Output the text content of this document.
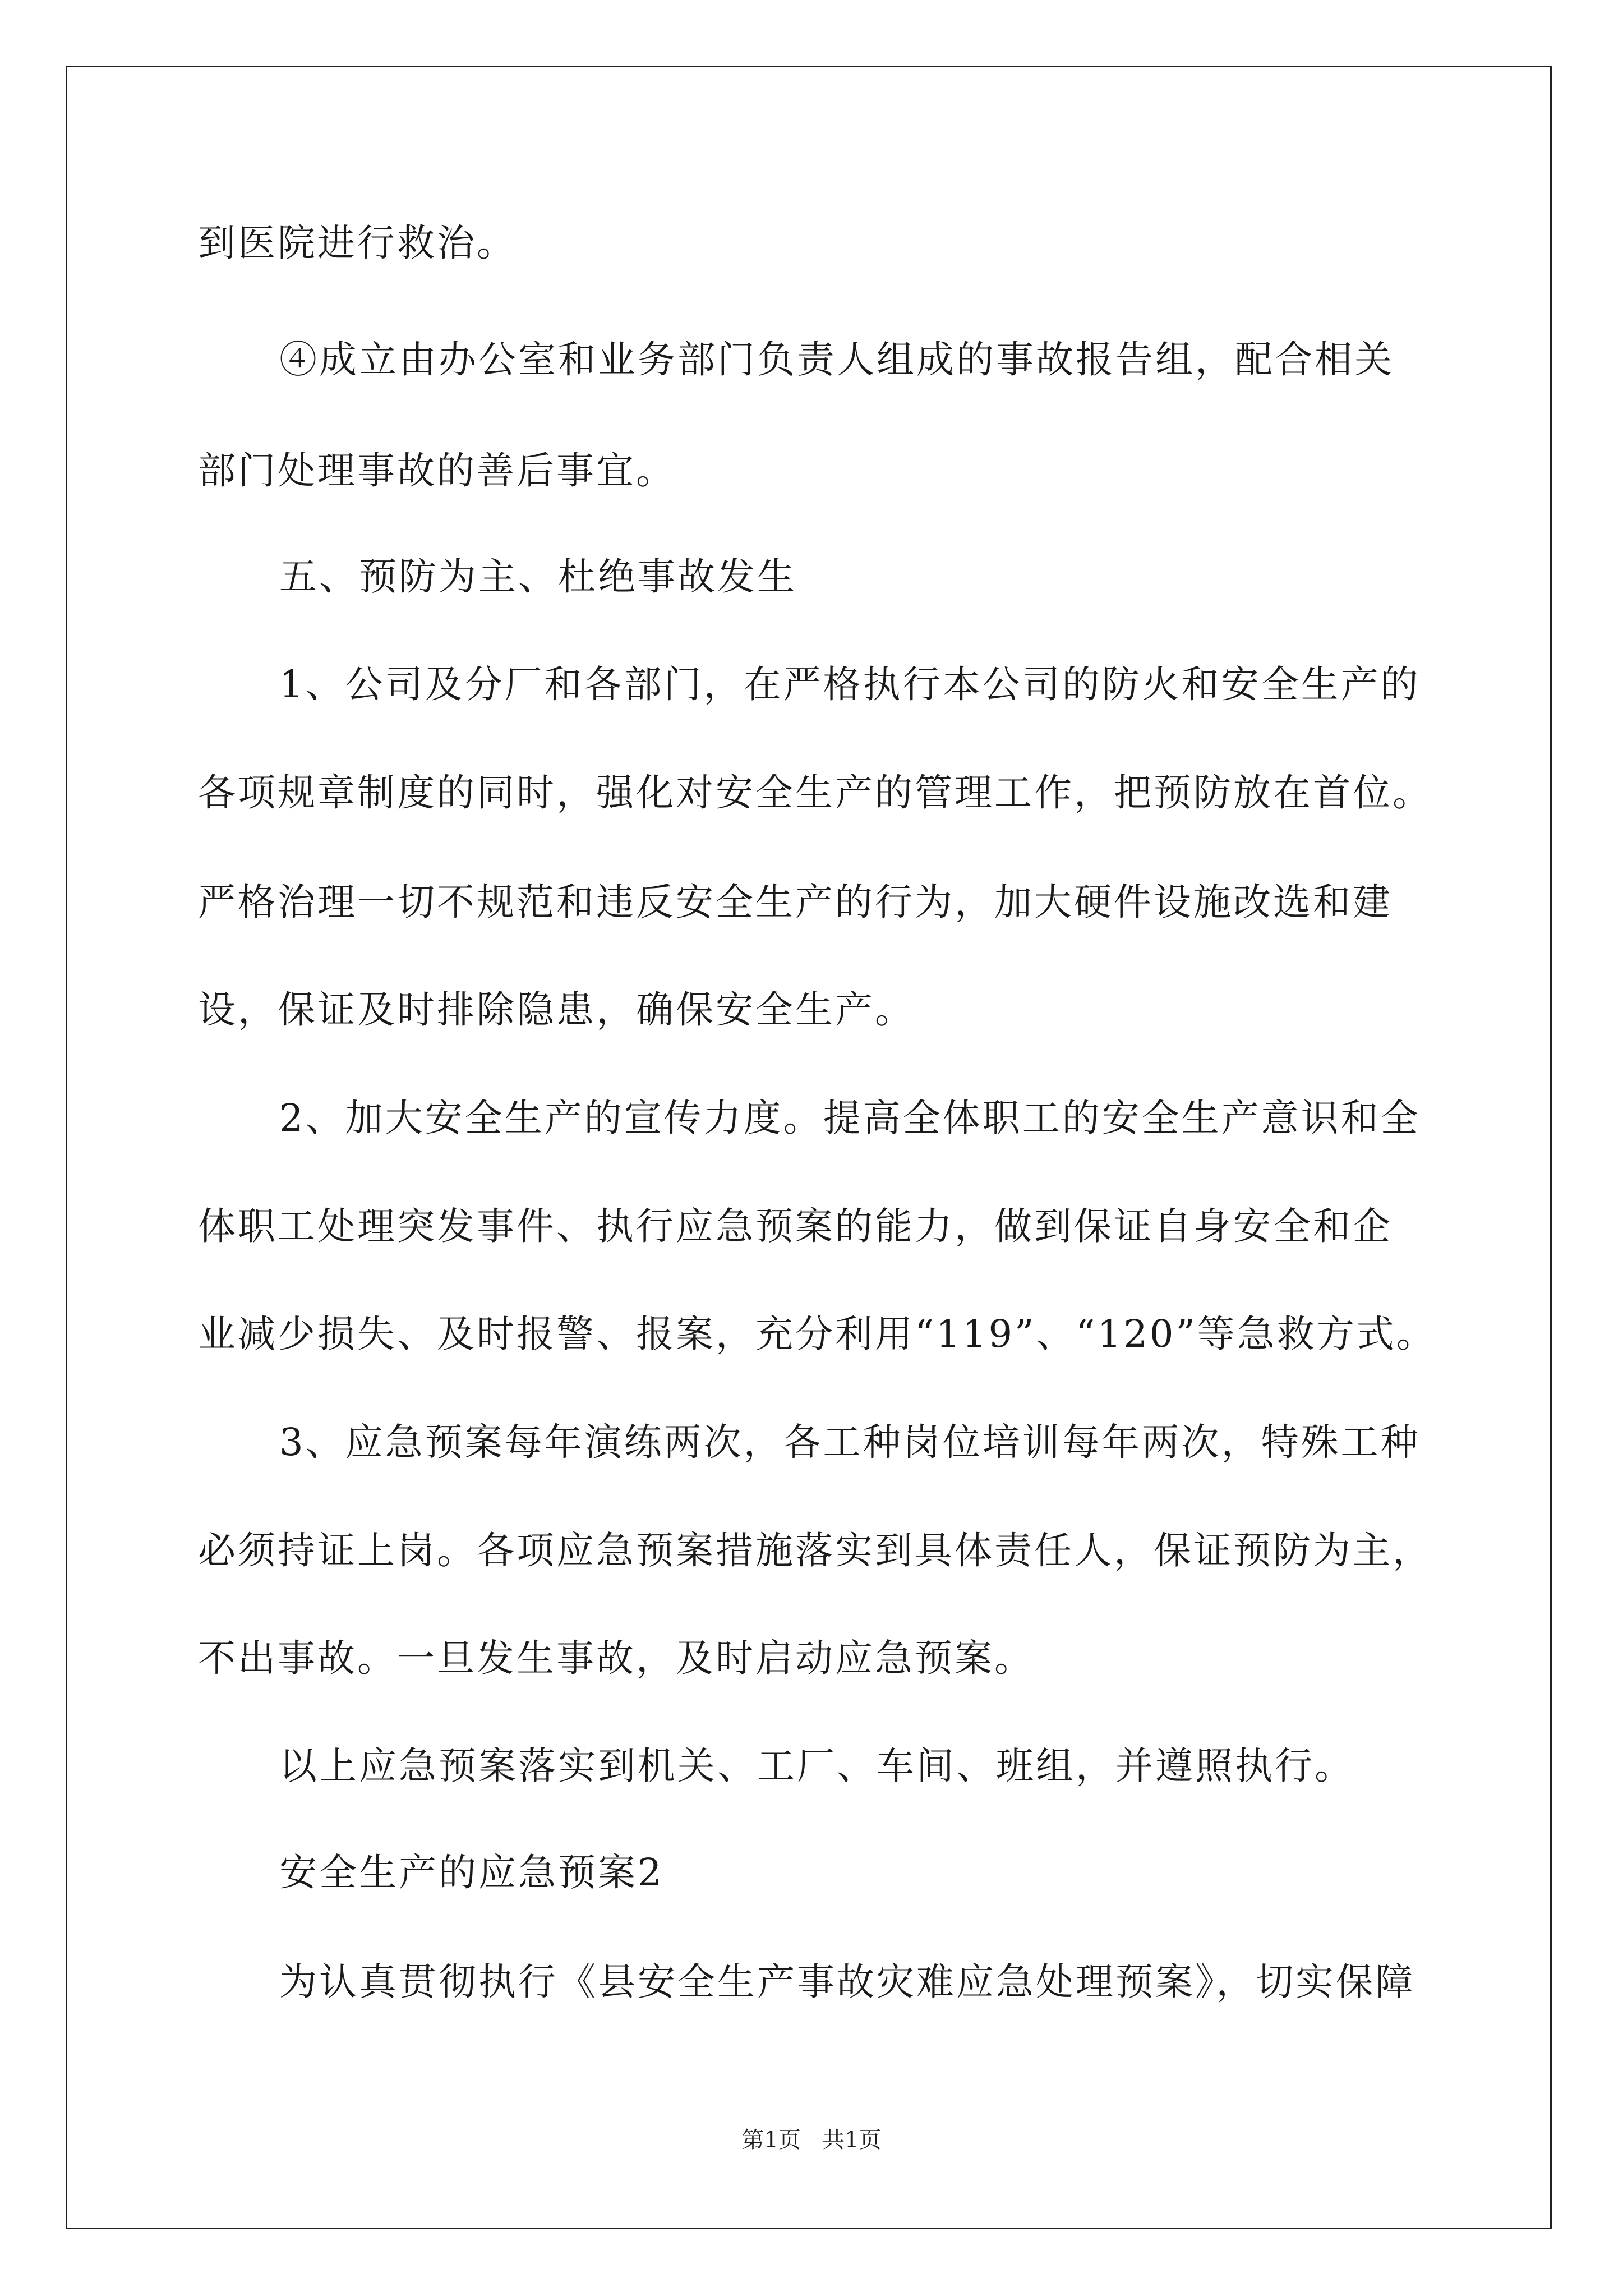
到医院进行救治。
④成立由办公室和业务部门负责人组成的事故报告组，配合相关
部门处理事故的善后事宜。
五、预防为主、杜绝事故发生
1、公司及分厂和各部门，在严格执行本公司的防火和安全生产的
各项规章制度的同时，强化对安全生产的管理工作，把预防放在首位。
严格治理一切不规范和违反安全生产的行为，加大硬件设施改选和建
设，保证及时排除隐患，确保安全生产。
2、加大安全生产的宣传力度。提高全体职工的安全生产意识和全
体职工处理突发事件、执行应急预案的能力，做到保证自身安全和企
业减少损失、及时报警、报案，充分利用“119”、“120”等急救方式。
3、应急预案每年演练两次，各工种岗位培训每年两次，特殊工种
必须持证上岗。各项应急预案措施落实到具体责任人，保证预防为主，
不出事故。一旦发生事故，及时启动应急预案。
以上应急预案落实到机关、工厂、车间、班组，并遵照执行。
安全生产的应急预案2
为认真贯彻执行《县安全生产事故灾难应急处理预案》，切实保障
第1页   共1页
